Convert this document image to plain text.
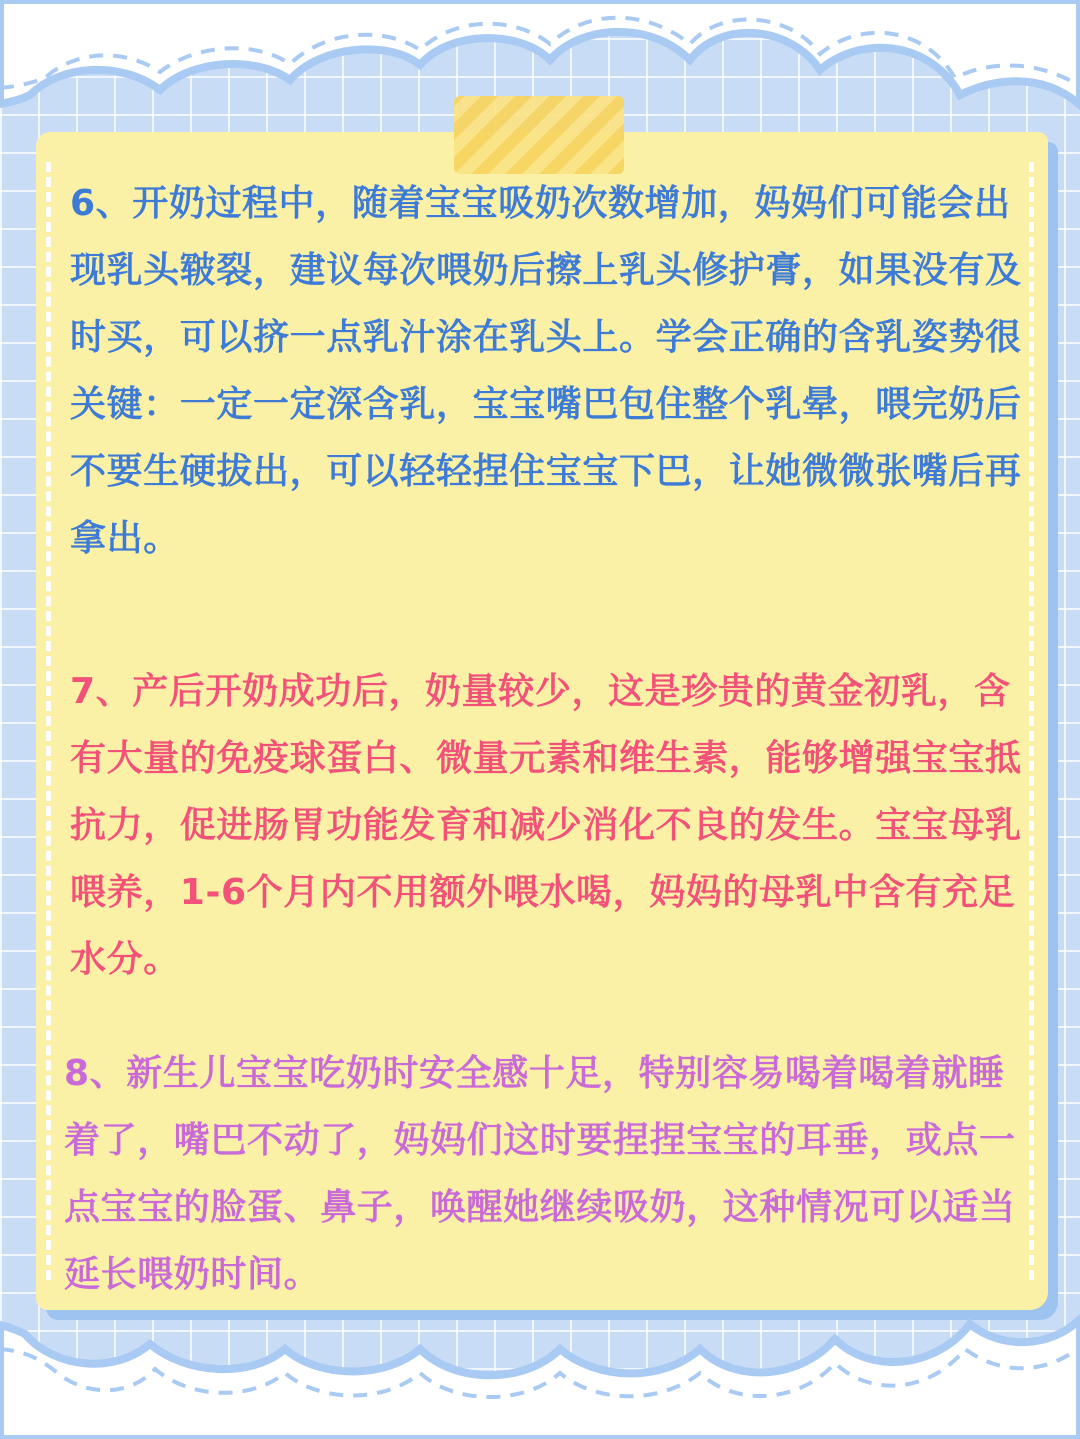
6、开奶过程中，随着宝宝吸奶次数增加，妈妈们可能会出现乳头皲裂，建议每次喂奶后擦上乳头修护膏，如果没有及时买，可以挤一点乳汁涂在乳头上。学会正确的含乳姿势很关键：一定一定深含乳，宝宝嘴巴包住整个乳晕，喂完奶后不要生硬拔出，可以轻轻捏住宝宝下巴，让她微微张嘴后再拿出。

7、产后开奶成功后，奶量较少，这是珍贵的黄金初乳，含有大量的免疫球蛋白、微量元素和维生素，能够增强宝宝抵抗力，促进肠胃功能发育和减少消化不良的发生。宝宝母乳喂养，1-6个月内不用额外喂水喝，妈妈的母乳中含有充足水分。

8、新生儿宝宝吃奶时安全感十足，特别容易喝着喝着就睡着了，嘴巴不动了，妈妈们这时要捏捏宝宝的耳垂，或点一点宝宝的脸蛋、鼻子，唤醒她继续吸奶，这种情况可以适当延长喂奶时间。
